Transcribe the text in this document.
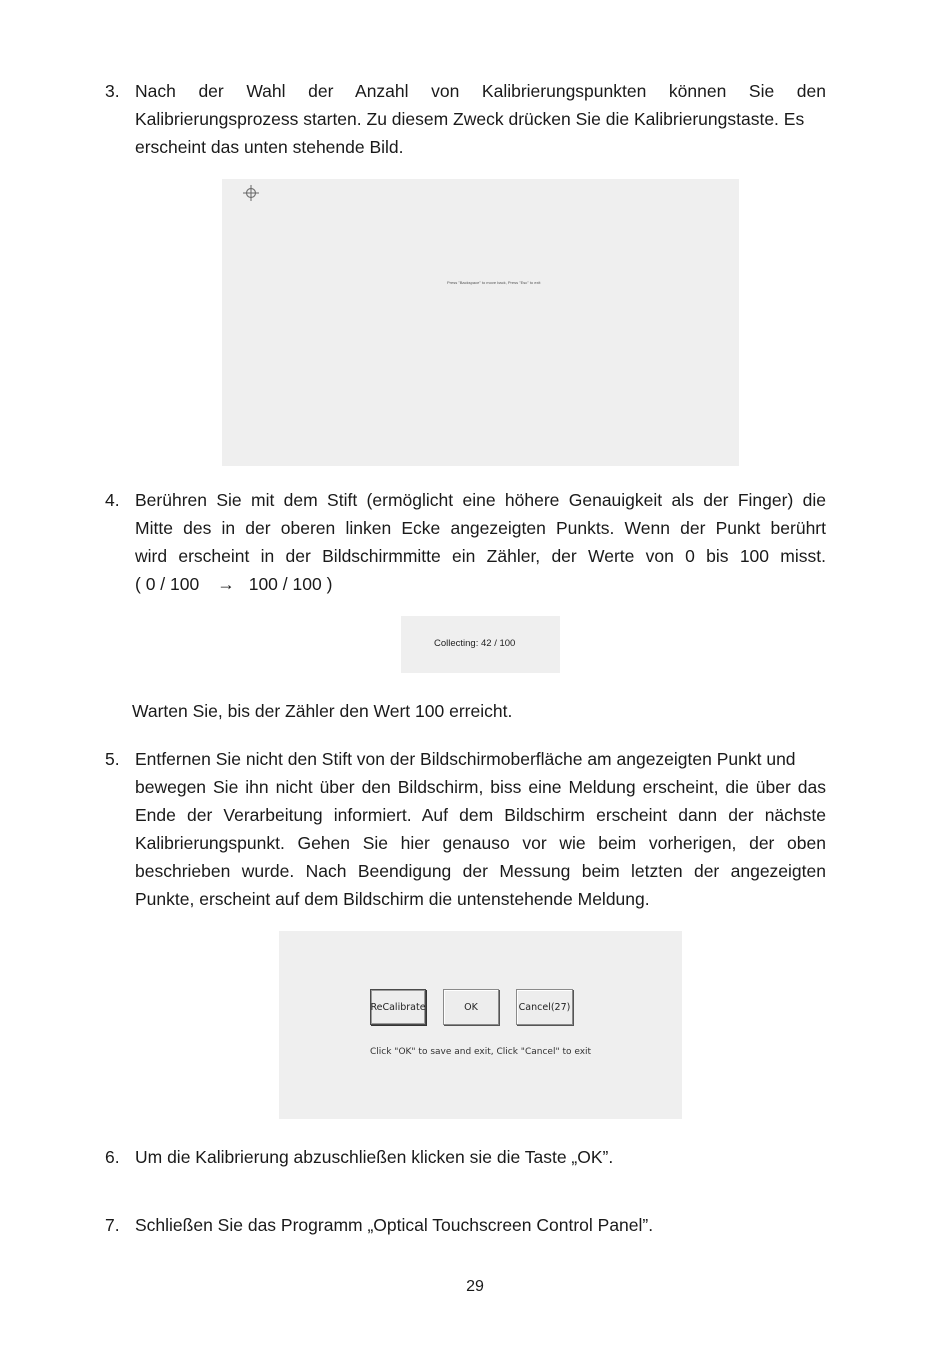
3. Nach der Wahl der Anzahl von Kalibrierungspunkten können Sie den
Kalibrierungsprozess starten. Zu diesem Zweck drücken Sie die Kalibrierungstaste. Es
erscheint das unten stehende Bild.
Press "Backspace" to move back, Press "Esc" to exit
4. Berühren Sie mit dem Stift (ermöglicht eine höhere Genauigkeit als der Finger) die
Mitte des in der oberen linken Ecke angezeigten Punkts. Wenn der Punkt berührt
wird erscheint in der Bildschirmmitte ein Zähler, der Werte von 0 bis 100 misst.
( 0 / 100 → 100 / 100 )
Collecting: 42 / 100
Warten Sie, bis der Zähler den Wert 100 erreicht.
5. Entfernen Sie nicht den Stift von der Bildschirmoberfläche am angezeigten Punkt und
bewegen Sie ihn nicht über den Bildschirm, biss eine Meldung erscheint, die über das
Ende der Verarbeitung informiert. Auf dem Bildschirm erscheint dann der nächste
Kalibrierungspunkt. Gehen Sie hier genauso vor wie beim vorherigen, der oben
beschrieben wurde. Nach Beendigung der Messung beim letzten der angezeigten
Punkte, erscheint auf dem Bildschirm die untenstehende Meldung.
ReCalibrate	OK	Cancel(27)
Click "OK" to save and exit, Click "Cancel" to exit
6. Um die Kalibrierung abzuschließen klicken sie die Taste „OK”.
7. Schließen Sie das Programm „Optical Touchscreen Control Panel”.
29
